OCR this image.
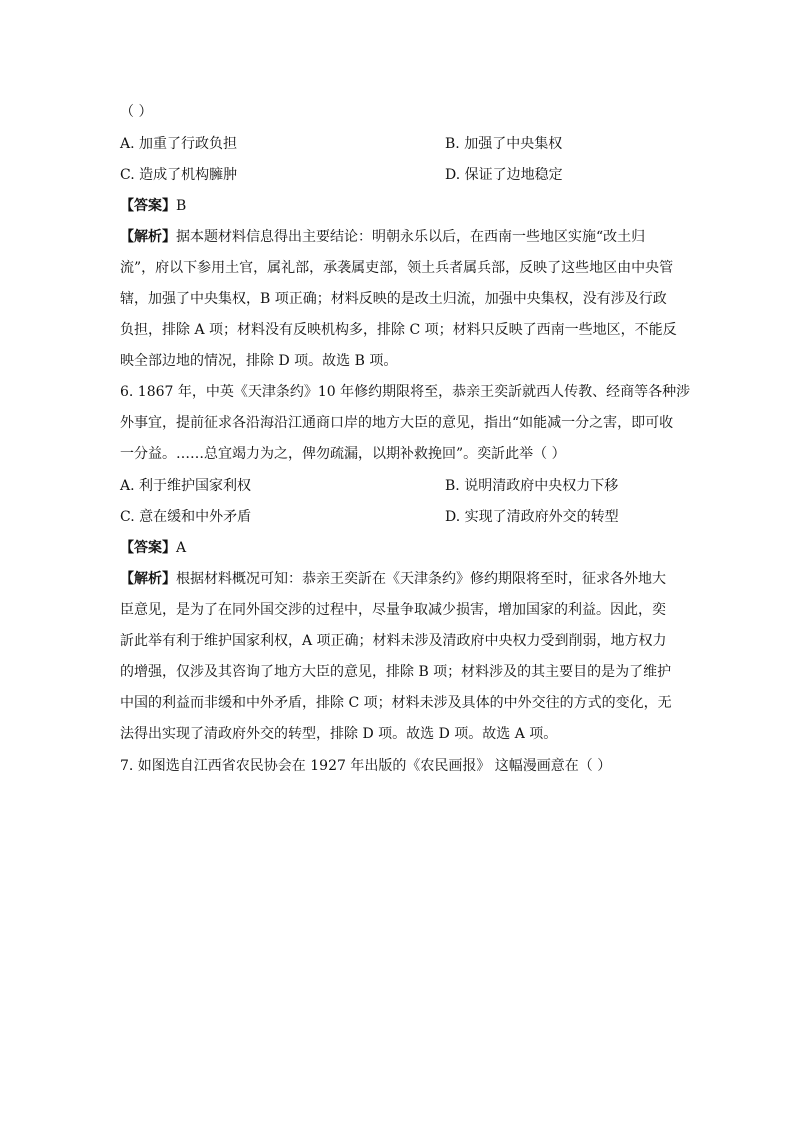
（ ）
A. 加重了行政负担	B. 加强了中央集权
C. 造成了机构臃肿	D. 保证了边地稳定
【答案】B
【解析】据本题材料信息得出主要结论：明朝永乐以后，在西南一些地区实施“改土归
流”，府以下参用土官，属礼部，承袭属吏部，领土兵者属兵部，反映了这些地区由中央管
辖，加强了中央集权，B 项正确；材料反映的是改土归流，加强中央集权，没有涉及行政
负担，排除 A 项；材料没有反映机构多，排除 C 项；材料只反映了西南一些地区，不能反
映全部边地的情况，排除 D 项。故选 B 项。
6. 1867 年，中英《天津条约》10 年修约期限将至，恭亲王奕訢就西人传教、经商等各种涉
外事宜，提前征求各沿海沿江通商口岸的地方大臣的意见，指出“如能减一分之害，即可收
一分益。……总宜竭力为之，俾勿疏漏，以期补救挽回”。奕訢此举（ ）
A. 利于维护国家利权	B. 说明清政府中央权力下移
C. 意在缓和中外矛盾	D. 实现了清政府外交的转型
【答案】A
【解析】根据材料概况可知：恭亲王奕訢在《天津条约》修约期限将至时，征求各外地大
臣意见，是为了在同外国交涉的过程中，尽量争取减少损害，增加国家的利益。因此，奕
訢此举有利于维护国家利权，A 项正确；材料未涉及清政府中央权力受到削弱，地方权力
的增强，仅涉及其咨询了地方大臣的意见，排除 B 项；材料涉及的其主要目的是为了维护
中国的利益而非缓和中外矛盾，排除 C 项；材料未涉及具体的中外交往的方式的变化，无
法得出实现了清政府外交的转型，排除 D 项。故选 D 项。故选 A 项。
7. 如图选自江西省农民协会在 1927 年出版的《农民画报》 这幅漫画意在（ ）
